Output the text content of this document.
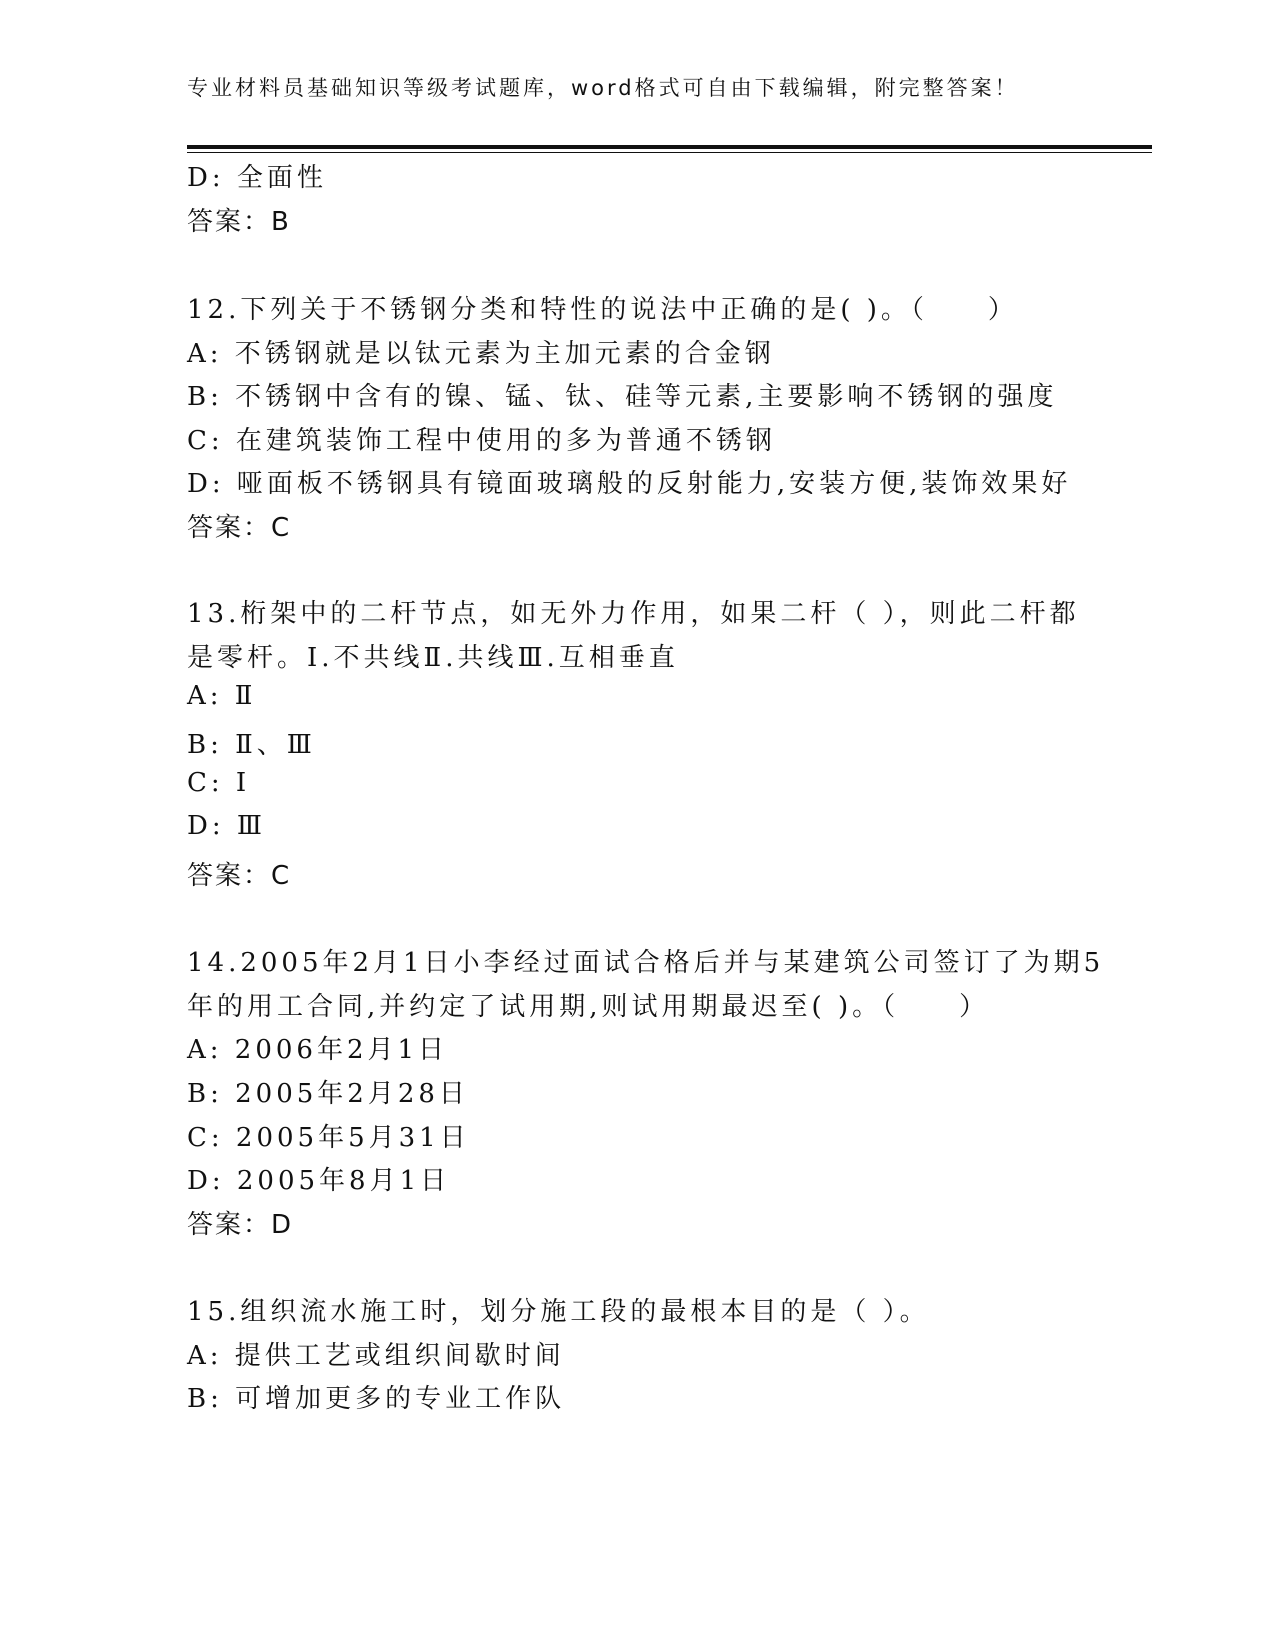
专业材料员基础知识等级考试题库，word格式可自由下载编辑，附完整答案！
D: 全面性
答案：B
12.下列关于不锈钢分类和特性的说法中正确的是( )。（　　）
A: 不锈钢就是以钛元素为主加元素的合金钢
B: 不锈钢中含有的镍、锰、钛、硅等元素,主要影响不锈钢的强度
C: 在建筑装饰工程中使用的多为普通不锈钢
D: 哑面板不锈钢具有镜面玻璃般的反射能力,安装方便,装饰效果好
答案：C
13.桁架中的二杆节点，如无外力作用，如果二杆（ ），则此二杆都
是零杆。I.不共线Ⅱ.共线Ⅲ.互相垂直
A: Ⅱ
B: Ⅱ、Ⅲ
C: I
D: Ⅲ
答案：C
14.2005年2月1日小李经过面试合格后并与某建筑公司签订了为期5
年的用工合同,并约定了试用期,则试用期最迟至( )。（　　）
A: 2006年2月1日
B: 2005年2月28日
C: 2005年5月31日
D: 2005年8月1日
答案：D
15.组织流水施工时，划分施工段的最根本目的是（ ）。
A: 提供工艺或组织间歇时间
B: 可增加更多的专业工作队
